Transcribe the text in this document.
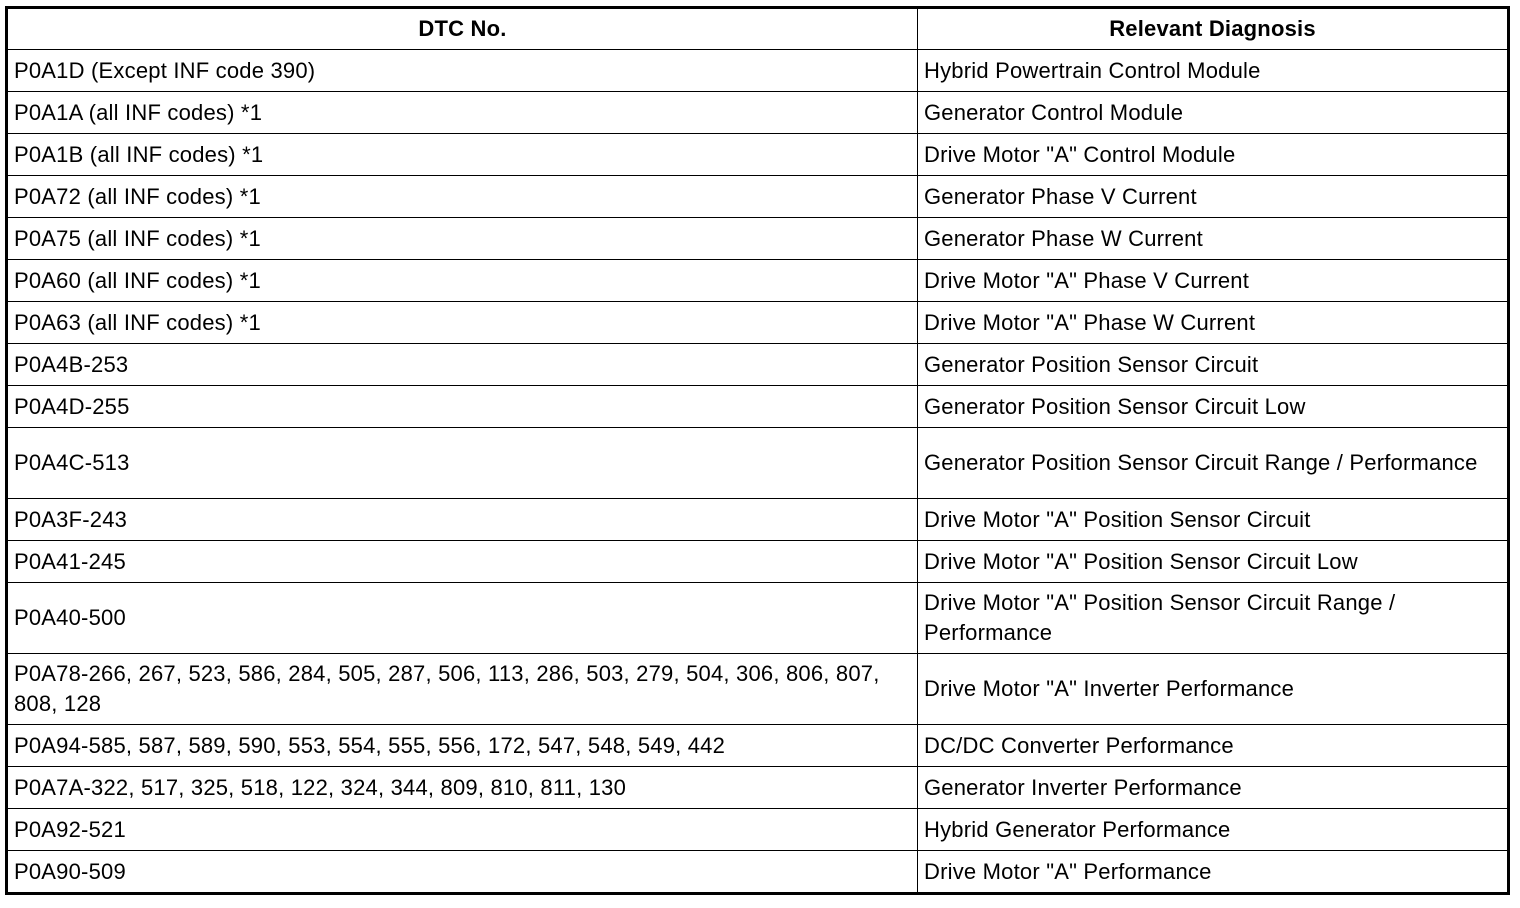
DTC No.	Relevant Diagnosis
P0A1D (Except INF code 390)	Hybrid Powertrain Control Module
P0A1A (all INF codes) *1	Generator Control Module
P0A1B (all INF codes) *1	Drive Motor "A" Control Module
P0A72 (all INF codes) *1	Generator Phase V Current
P0A75 (all INF codes) *1	Generator Phase W Current
P0A60 (all INF codes) *1	Drive Motor "A" Phase V Current
P0A63 (all INF codes) *1	Drive Motor "A" Phase W Current
P0A4B-253	Generator Position Sensor Circuit
P0A4D-255	Generator Position Sensor Circuit Low
P0A4C-513	Generator Position Sensor Circuit Range / Performance
P0A3F-243	Drive Motor "A" Position Sensor Circuit
P0A41-245	Drive Motor "A" Position Sensor Circuit Low
P0A40-500	Drive Motor "A" Position Sensor Circuit Range / Performance
P0A78-266, 267, 523, 586, 284, 505, 287, 506, 113, 286, 503, 279, 504, 306, 806, 807, 808, 128	Drive Motor "A" Inverter Performance
P0A94-585, 587, 589, 590, 553, 554, 555, 556, 172, 547, 548, 549, 442	DC/DC Converter Performance
P0A7A-322, 517, 325, 518, 122, 324, 344, 809, 810, 811, 130	Generator Inverter Performance
P0A92-521	Hybrid Generator Performance
P0A90-509	Drive Motor "A" Performance
